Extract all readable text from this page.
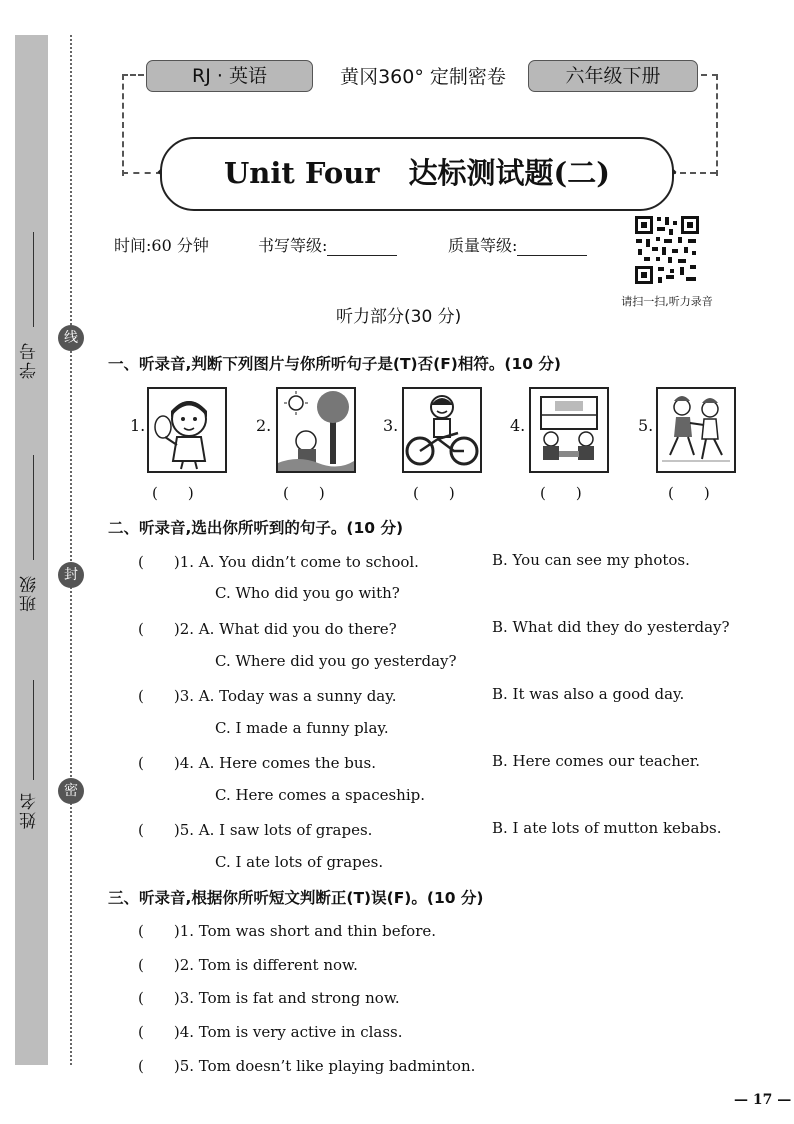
线
封
密
学号
班级
姓名
RJ · 英语	黄冈360° 定制密卷	六年级下册
Unit Four　达标测试题(二)
时间:60 分钟	书写等级:	质量等级:
请扫一扫,听力录音
听力部分(30 分)
一、听录音,判断下列图片与你所听句子是(T)否(F)相符。(10 分)
1.
(　　)
2.
(　　)
3.
(　　)
4.
(　　)
5.
(　　)
二、听录音,选出你所听到的句子。(10 分)
(　　)1. A. You didn’t come to school.	B. You can see my photos.
C. Who did you go with?
(　　)2. A. What did you do there?	B. What did they do yesterday?
C. Where did you go yesterday?
(　　)3. A. Today was a sunny day.	B. It was also a good day.
C. I made a funny play.
(　　)4. A. Here comes the bus.	B. Here comes our teacher.
C. Here comes a spaceship.
(　　)5. A. I saw lots of grapes.	B. I ate lots of mutton kebabs.
C. I ate lots of grapes.
三、听录音,根据你所听短文判断正(T)误(F)。(10 分)
(　　)1. Tom was short and thin before.
(　　)2. Tom is different now.
(　　)3. Tom is fat and strong now.
(　　)4. Tom is very active in class.
(　　)5. Tom doesn’t like playing badminton.
— 17 —
